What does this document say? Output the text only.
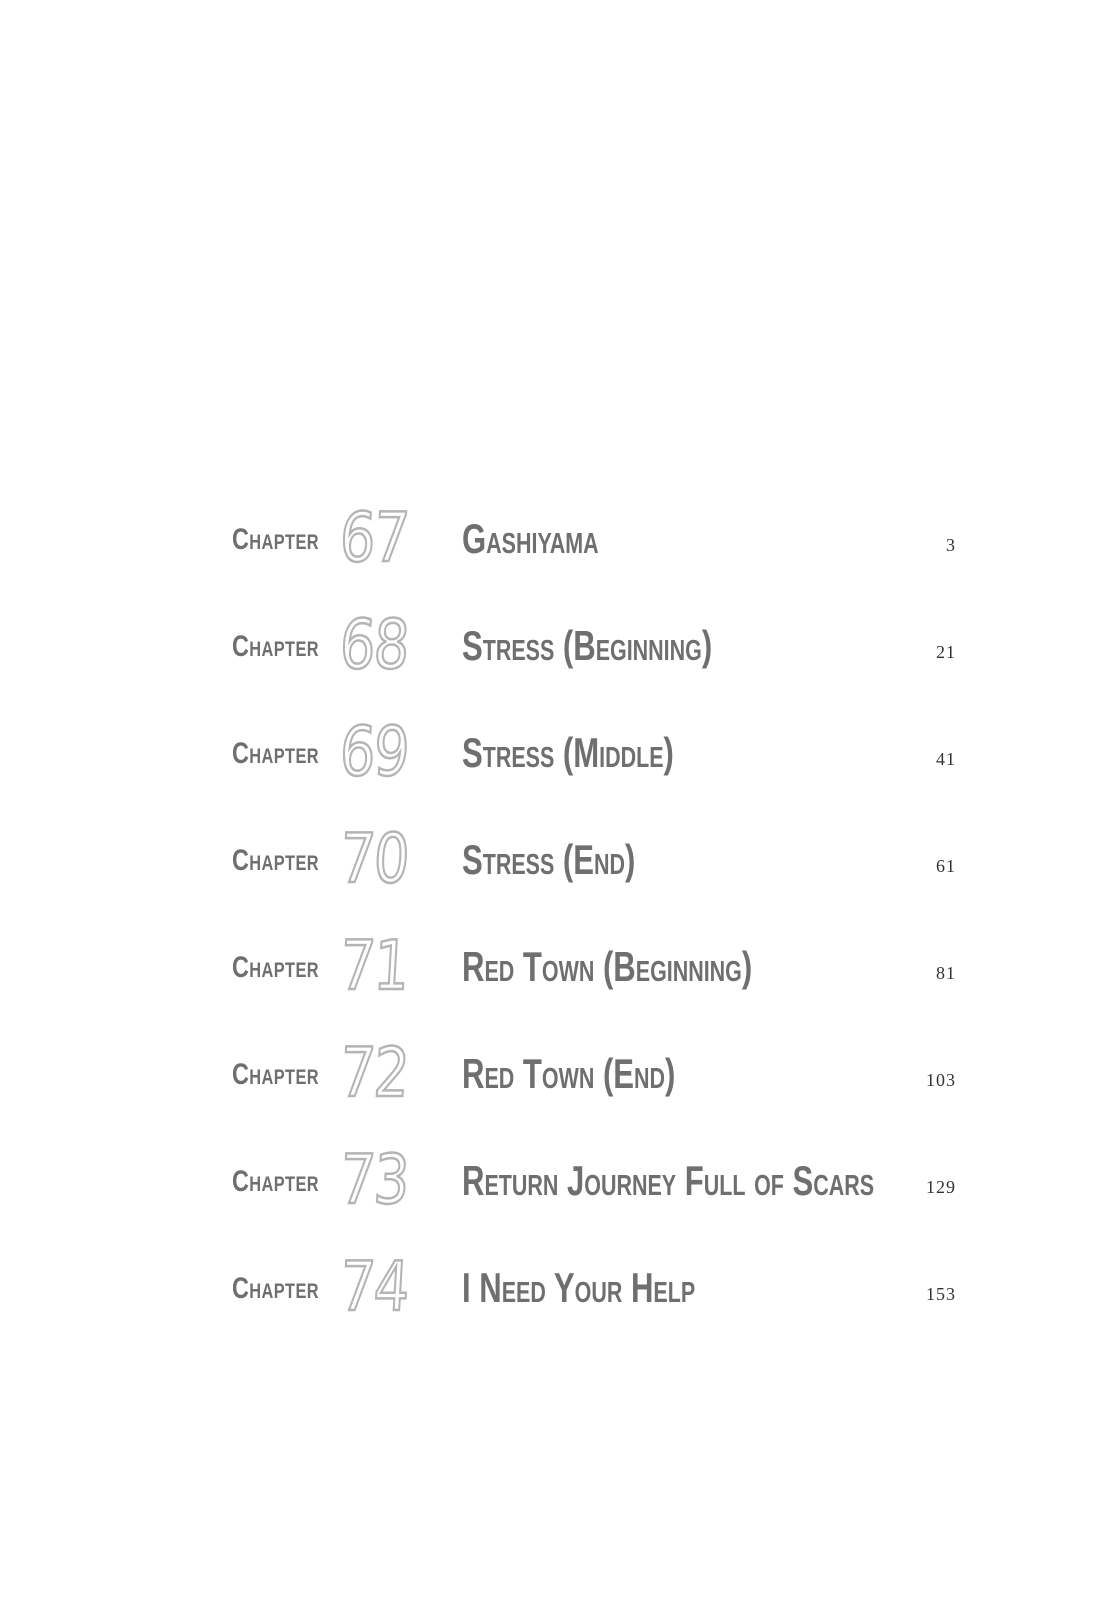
Chapter 67 Gashiyama	3
Chapter 68 Stress (Beginning)	21
Chapter 69 Stress (Middle)	41
Chapter 70 Stress (End)	61
Chapter 71 Red Town (Beginning)	81
Chapter 72 Red Town (End)	103
Chapter 73 Return Journey Full of Scars	129
Chapter 74 I Need Your Help	153
